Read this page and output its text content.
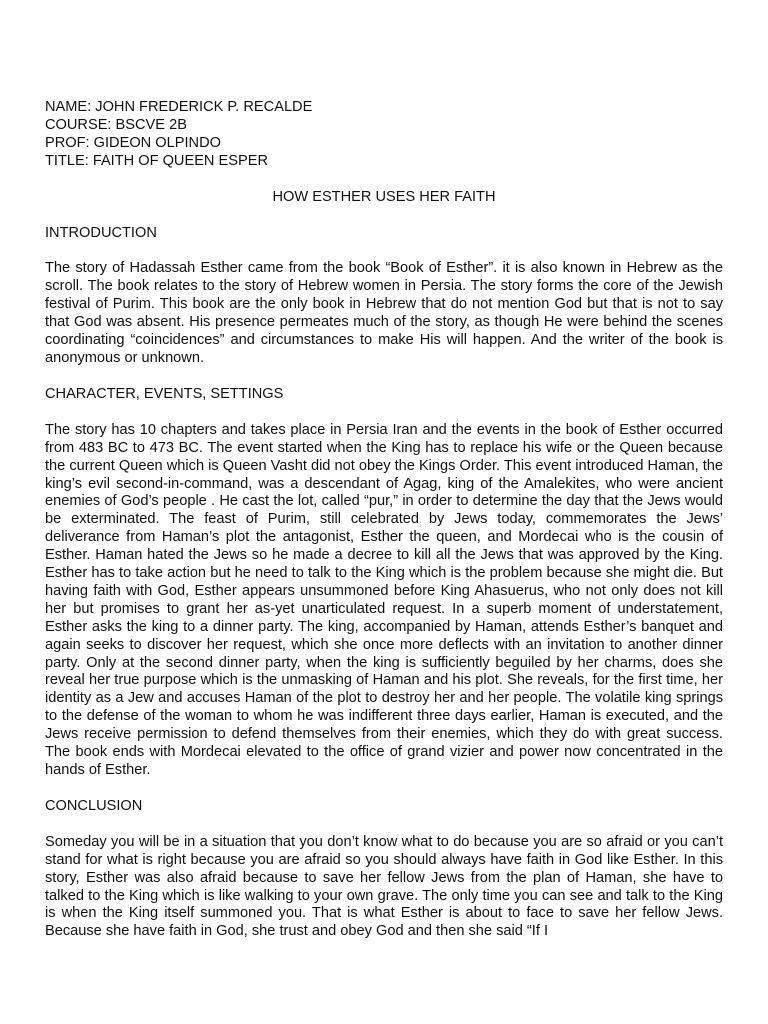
NAME: JOHN FREDERICK P. RECALDE

COURSE: BSCVE 2B

PROF: GIDEON OLPINDO

TITLE: FAITH OF QUEEN ESPER

HOW ESTHER USES HER FAITH

INTRODUCTION

The story of Hadassah Esther came from the book “Book of Esther”. it is also known in Hebrew as the scroll. The book relates to the story of Hebrew women in Persia. The story forms the core of the Jewish festival of Purim. This book are the only book in Hebrew that do not mention God but that is not to say that God was absent. His presence permeates much of the story, as though He were behind the scenes coordinating “coincidences” and circumstances to make His will happen. And the writer of the book is anonymous or unknown.

CHARACTER, EVENTS, SETTINGS

The story has 10 chapters and takes place in Persia Iran and the events in the book of Esther occurred from 483 BC to 473 BC. The event started when the King has to replace his wife or the Queen because the current Queen which is Queen Vasht did not obey the Kings Order. This event introduced Haman, the king’s evil second-in-command, was a descendant of Agag, king of the Amalekites, who were ancient enemies of God’s people . He cast the lot, called “pur,” in order to determine the day that the Jews would be exterminated. The feast of Purim, still celebrated by Jews today, commemorates the Jews’ deliverance from Haman’s plot the antagonist, Esther the queen, and Mordecai who is the cousin of Esther. Haman hated the Jews so he made a decree to kill all the Jews that was approved by the King. Esther has to take action but he need to talk to the King which is the problem because she might die. But having faith with God, Esther appears unsummoned before King Ahasuerus, who not only does not kill her but promises to grant her as-yet unarticulated request. In a superb moment of understatement, Esther asks the king to a dinner party. The king, accompanied by Haman, attends Esther’s banquet and again seeks to discover her request, which she once more deflects with an invitation to another dinner party. Only at the second dinner party, when the king is sufficiently beguiled by her charms, does she reveal her true purpose which is the unmasking of Haman and his plot. She reveals, for the first time, her identity as a Jew and accuses Haman of the plot to destroy her and her people. The volatile king springs to the defense of the woman to whom he was indifferent three days earlier, Haman is executed, and the Jews receive permission to defend themselves from their enemies, which they do with great success. The book ends with Mordecai elevated to the office of grand vizier and power now concentrated in the hands of Esther.

CONCLUSION

Someday you will be in a situation that you don’t know what to do because you are so afraid or you can’t stand for what is right because you are afraid so you should always have faith in God like Esther. In this story, Esther was also afraid because to save her fellow Jews from the plan of Haman, she have to talked to the King which is like walking to your own grave. The only time you can see and talk to the King is when the King itself summoned you. That is what Esther is about to face to save her fellow Jews. Because she have faith in God, she trust and obey God and then she said “If I
